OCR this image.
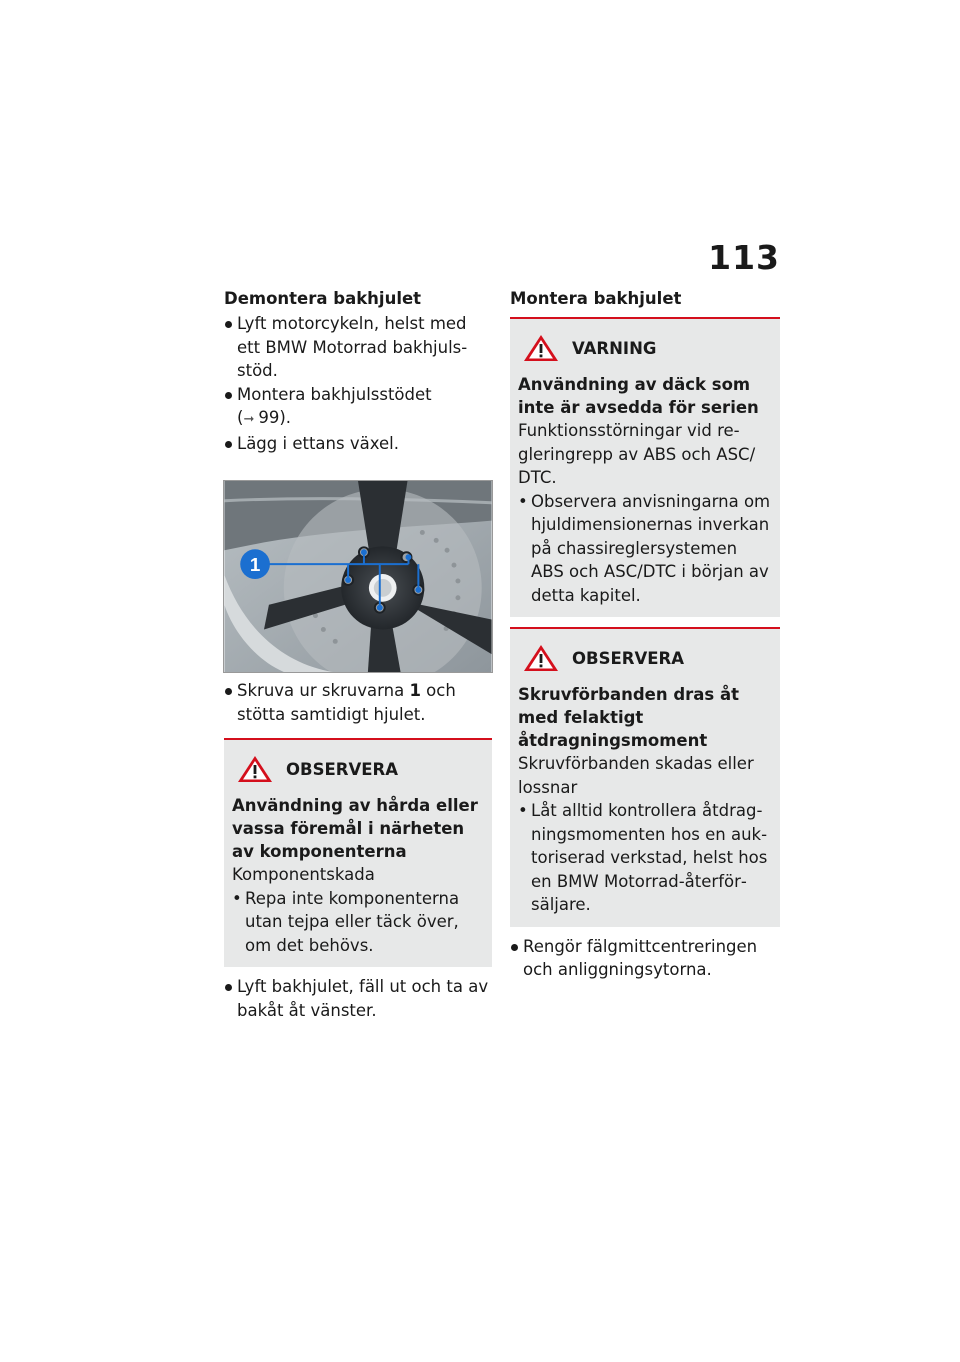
113
Demontera bakhjulet
Lyft motorcykeln, helst med ett BMW Motorrad bakhjulsstöd.
Montera bakhjulsstödet
(➞ 99).
Lägg i ettans växel.
1
Skruva ur skruvarna 1 och stötta samtidigt hjulet.
OBSERVERA
Användning av hårda eller vassa föremål i närheten av komponenterna

Komponentskada

• Repa inte komponenterna utan tejpa eller täck över, om det behövs.
Lyft bakhjulet, fäll ut och ta av bakåt åt vänster.
Montera bakhjulet
VARNING
Användning av däck som inte är avsedda för serien

Funktionsstörningar vid regleringrepp av ABS och ASC/ DTC.

• Observera anvisningarna om hjuldimensionernas inverkan på chassireglersystemen ABS och ASC/DTC i början av detta kapitel.
OBSERVERA
Skruvförbanden dras åt med felaktigt åtdragningsmoment

Skruvförbanden skadas eller lossnar

• Låt alltid kontrollera åtdragningsmomenten hos en auktoriserad verkstad, helst hos en BMW Motorrad-återförsäljare.
Rengör fälgmittcentreringen och anliggningsytorna.
